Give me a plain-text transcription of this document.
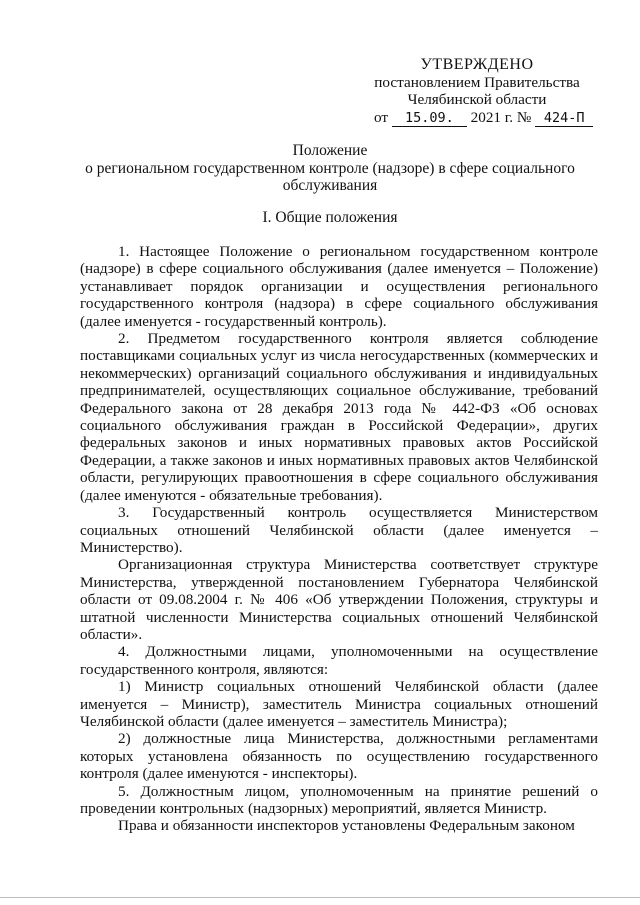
УТВЕРЖДЕНО
постановлением Правительства
Челябинской области
от 15.09. 2021 г. № 424-П
Положение
о региональном государственном контроле (надзоре) в сфере социального
обслуживания
I. Общие положения

1. Настоящее Положение о региональном государственном контроле (надзоре) в сфере социального обслуживания (далее именуется – Положение) устанавливает порядок организации и осуществления регионального государственного контроля (надзора) в сфере социального обслуживания (далее именуется - государственный контроль).

2. Предметом государственного контроля является соблюдение поставщиками социальных услуг из числа негосударственных (коммерческих и некоммерческих) организаций социального обслуживания и индивидуальных предпринимателей, осуществляющих социальное обслуживание, требований Федерального закона от 28 декабря 2013 года № 442-ФЗ «Об основах социального обслуживания граждан в Российской Федерации», других федеральных законов и иных нормативных правовых актов Российской Федерации, а также законов и иных нормативных правовых актов Челябинской области, регулирующих правоотношения в сфере социального обслуживания (далее именуются - обязательные требования).

3. Государственный контроль осуществляется Министерством социальных отношений Челябинской области (далее именуется – Министерство).

Организационная структура Министерства соответствует структуре Министерства, утвержденной постановлением Губернатора Челябинской области от 09.08.2004 г. № 406 «Об утверждении Положения, структуры и штатной численности Министерства социальных отношений Челябинской области».

4. Должностными лицами, уполномоченными на осуществление государственного контроля, являются:

1) Министр социальных отношений Челябинской области (далее именуется – Министр), заместитель Министра социальных отношений Челябинской области (далее именуется – заместитель Министра);

2) должностные лица Министерства, должностными регламентами которых установлена обязанность по осуществлению государственного контроля (далее именуются - инспекторы).

5. Должностным лицом, уполномоченным на принятие решений о проведении контрольных (надзорных) мероприятий, является Министр.

Права и обязанности инспекторов установлены Федеральным законом
